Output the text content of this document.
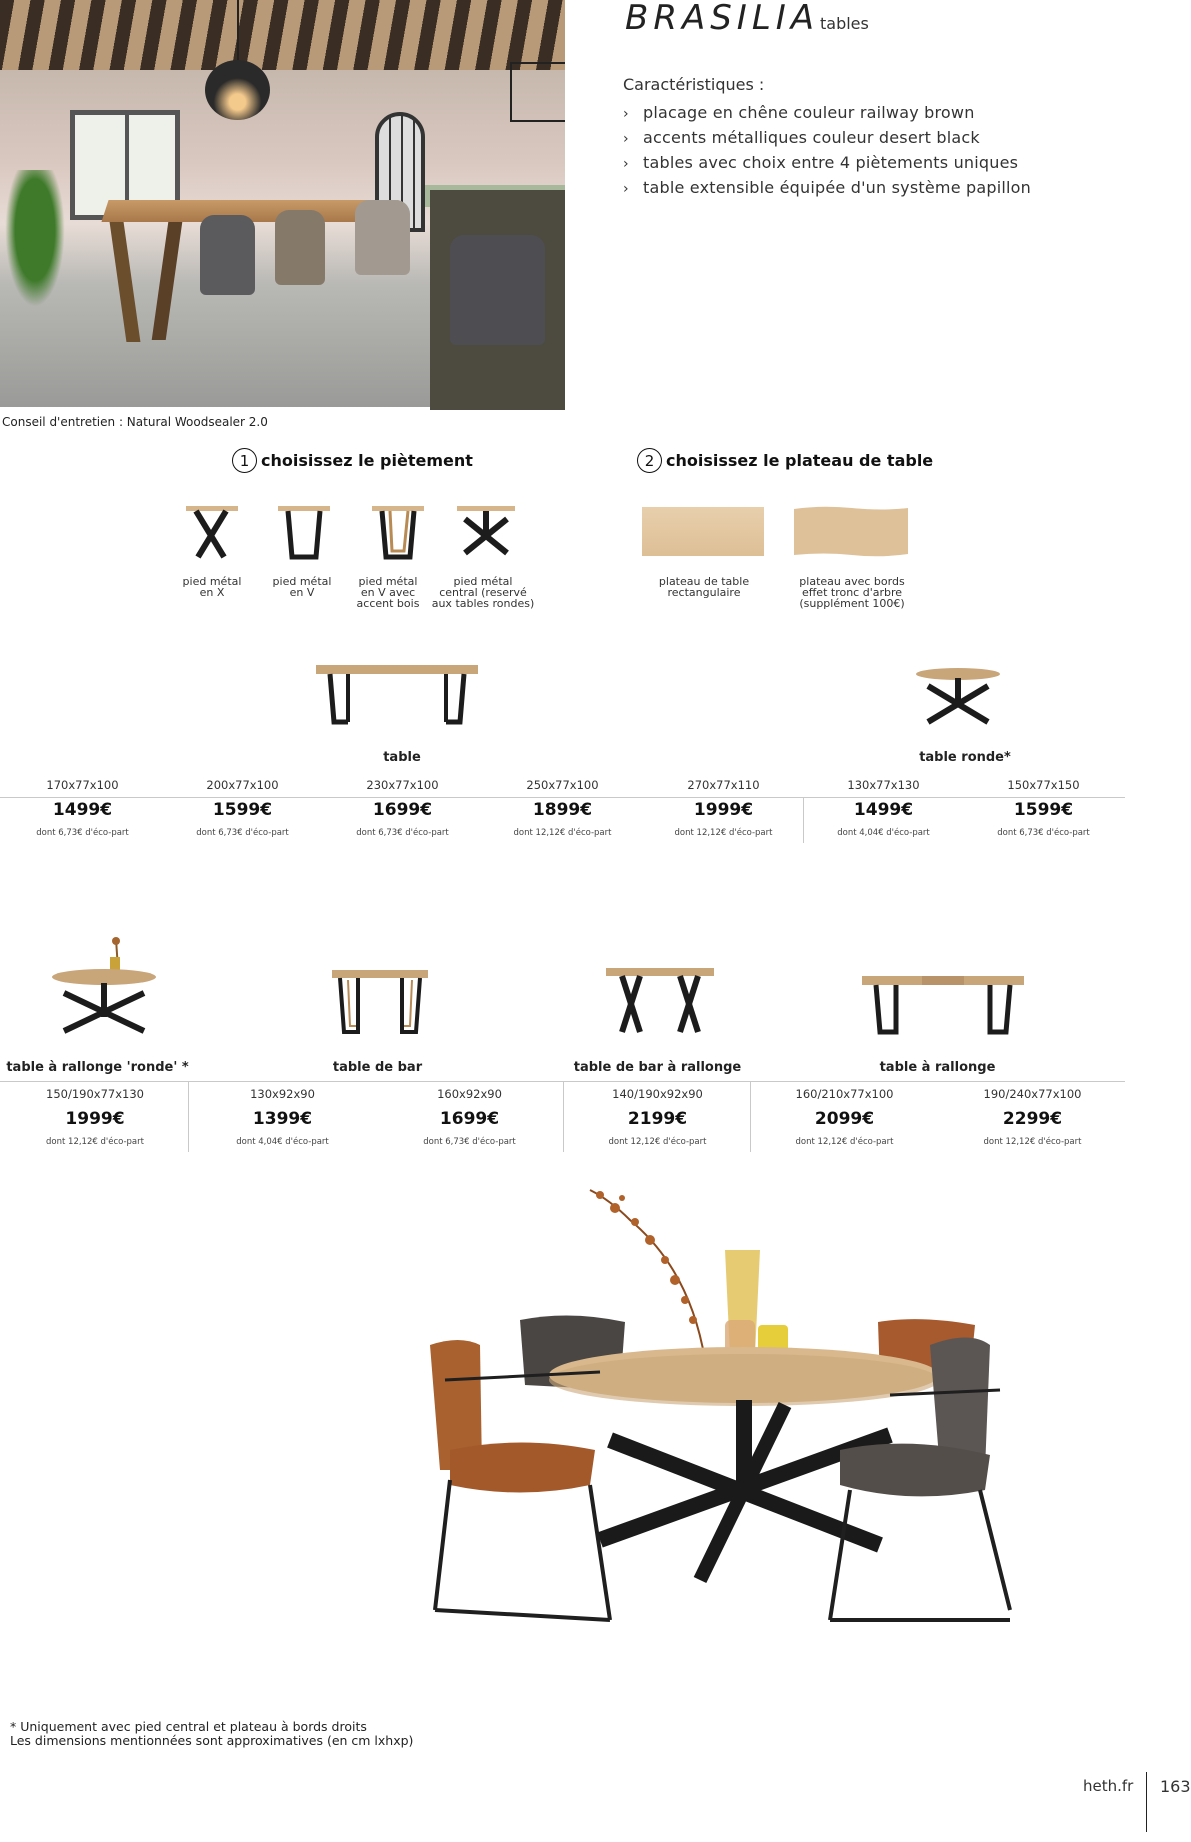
Conseil d'entretien : Natural Woodsealer 2.0
BRASILIA tables
Caractéristiques :
› placage en chêne couleur railway brown
› accents métalliques couleur desert black
› tables avec choix entre 4 piètements uniques
› table extensible équipée d'un système papillon
1 choisissez le piètement
pied métal
en X
pied métal
en V
pied métal
en V avec
accent bois
pied métal
central (reservé
aux tables rondes)
2 choisissez le plateau de table
plateau de table
rectangulaire
plateau avec bords
effet tronc d'arbre
(supplément 100€)
table	table ronde*
170x77x100	200x77x100	230x77x100	250x77x100	270x77x110	130x77x130	150x77x150
1499€	1599€	1699€	1899€	1999€	1499€	1599€
dont 6,73€ d'éco-part	dont 6,73€ d'éco-part	dont 6,73€ d'éco-part	dont 12,12€ d'éco-part	dont 12,12€ d'éco-part	dont 4,04€ d'éco-part	dont 6,73€ d'éco-part
table à rallonge 'ronde' *	table de bar	table de bar à rallonge	table à rallonge
150/190x77x130	130x92x90	160x92x90	140/190x92x90	160/210x77x100	190/240x77x100
1999€	1399€	1699€	2199€	2099€	2299€
dont 12,12€ d'éco-part	dont 4,04€ d'éco-part	dont 6,73€ d'éco-part	dont 12,12€ d'éco-part	dont 12,12€ d'éco-part	dont 12,12€ d'éco-part
* Uniquement avec pied central et plateau à bords droits
Les dimensions mentionnées sont approximatives (en cm lxhxp)
heth.fr 163
